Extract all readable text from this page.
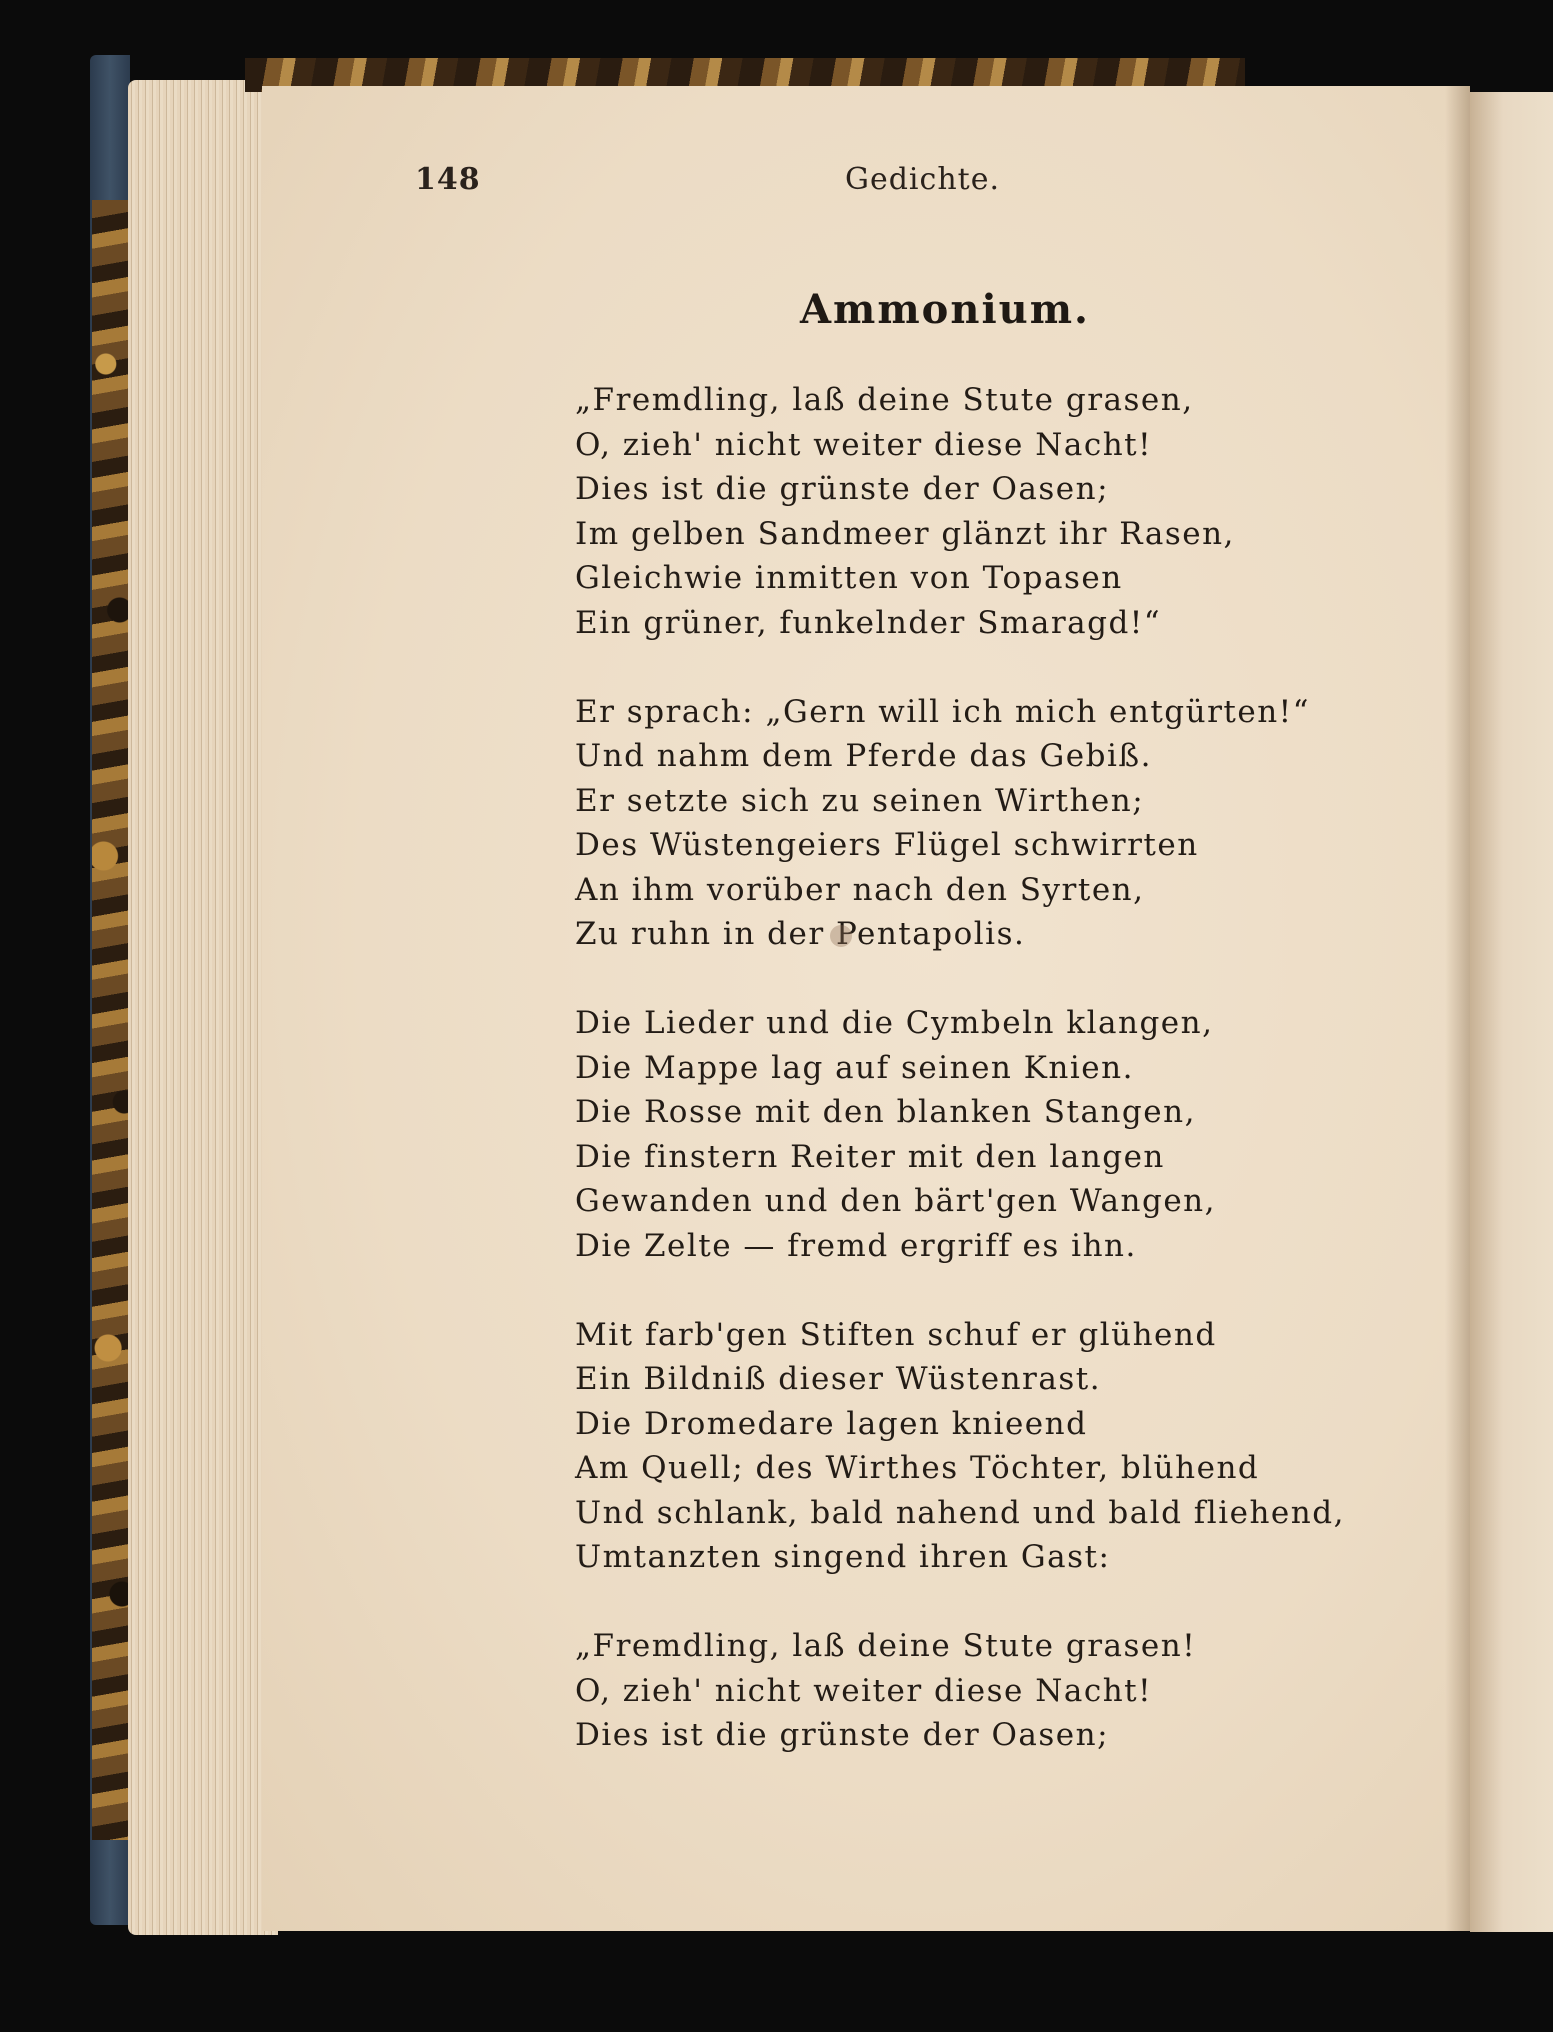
148	Gedichte.
Ammonium.
„Fremdling, laß deine Stute grasen,
O, zieh' nicht weiter diese Nacht!
Dies ist die grünste der Oasen;
Im gelben Sandmeer glänzt ihr Rasen,
Gleichwie inmitten von Topasen
Ein grüner, funkelnder Smaragd!“
Er sprach: „Gern will ich mich entgürten!“
Und nahm dem Pferde das Gebiß.
Er setzte sich zu seinen Wirthen;
Des Wüstengeiers Flügel schwirrten
An ihm vorüber nach den Syrten,
Zu ruhn in der Pentapolis.
Die Lieder und die Cymbeln klangen,
Die Mappe lag auf seinen Knien.
Die Rosse mit den blanken Stangen,
Die finstern Reiter mit den langen
Gewanden und den bärt'gen Wangen,
Die Zelte — fremd ergriff es ihn.
Mit farb'gen Stiften schuf er glühend
Ein Bildniß dieser Wüstenrast.
Die Dromedare lagen knieend
Am Quell; des Wirthes Töchter, blühend
Und schlank, bald nahend und bald fliehend,
Umtanzten singend ihren Gast:
„Fremdling, laß deine Stute grasen!
O, zieh' nicht weiter diese Nacht!
Dies ist die grünste der Oasen;
